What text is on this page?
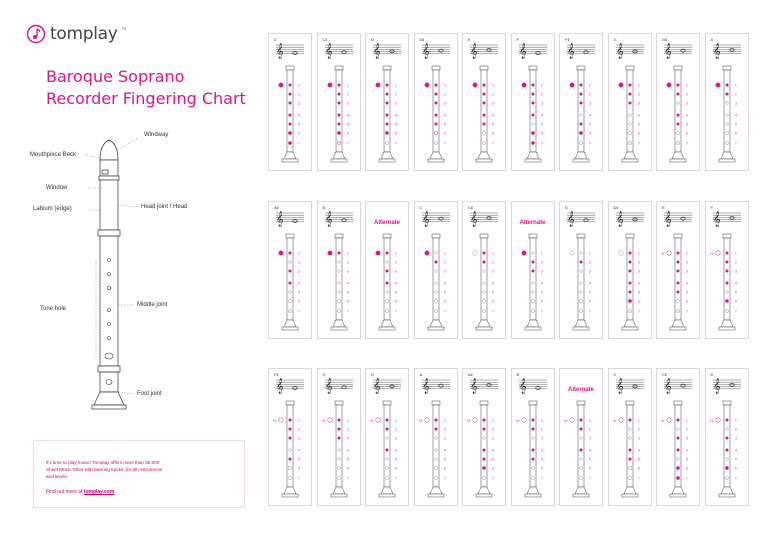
tomplay ™
Baroque Soprano
Recorder Fingering Chart
Windway
Mouthpiece Beck
Window
Labium (edge)	Head joint / Head
Tone hole
Middle joint
Foot joint
It's time to play music! Tomplay offers more than 30,000 Sheet Music Titles with backing tracks, for all instruments and levels.
Find out more at tomplay.com
C
𝄞
1
2
3
4
5
6
7
C♯
𝄞
1
2
3
4
5
6
7
D
𝄞
1
2
3
4
5
6
7
D♯
𝄞
1
2
3
4
5
6
7
E
𝄞
1
2
3
4
5
6
7
F
𝄞
1
2
3
4
5
6
7
F♯
𝄞
1
2
3
4
5
6
7
G
𝄞
1
2
3
4
5
6
7
G♯
𝄞
1
2
3
4
5
6
7
A
𝄞
1
2
3
4
5
6
7
A♯
𝄞
1
2
3
4
5
6
7
B
𝄞
1
2
3
4
5
6
7
Alternate
1
2
3
4
5
6
7
C
𝄞
1
2
3
4
5
6
7
C♯
𝄞
1
2
3
4
5
6
7
Alternate
1
2
3
4
5
6
7
D
𝄞
1
2
3
4
5
6
7
D♯
𝄞
1
2
3
4
5
6
7
E
𝄞
½	1
2
3
4
5
6
7
F
𝄞
½	1
2
3
4
5
6
7
F♯
𝄞
½	1
2
3
4
5
6
7
G
𝄞
½	1
2
3
4
5
6
7
G
𝄞
½	1
2
3
4
5
6
7
A
𝄞
½	1
2
3
4
5
6
7
A♯
𝄞
½	1
2
3
4
5
6
7
B
𝄞
½	1
2
3
4
5
6
7
Alternate
½	1
2
3
4
5
6
7
C
𝄞
½	1
2
3
4
5
6
7
C♯
𝄞
½	1
2
3
4
5
6
7
D
𝄞
½	1
2
3
4
5
6
7
